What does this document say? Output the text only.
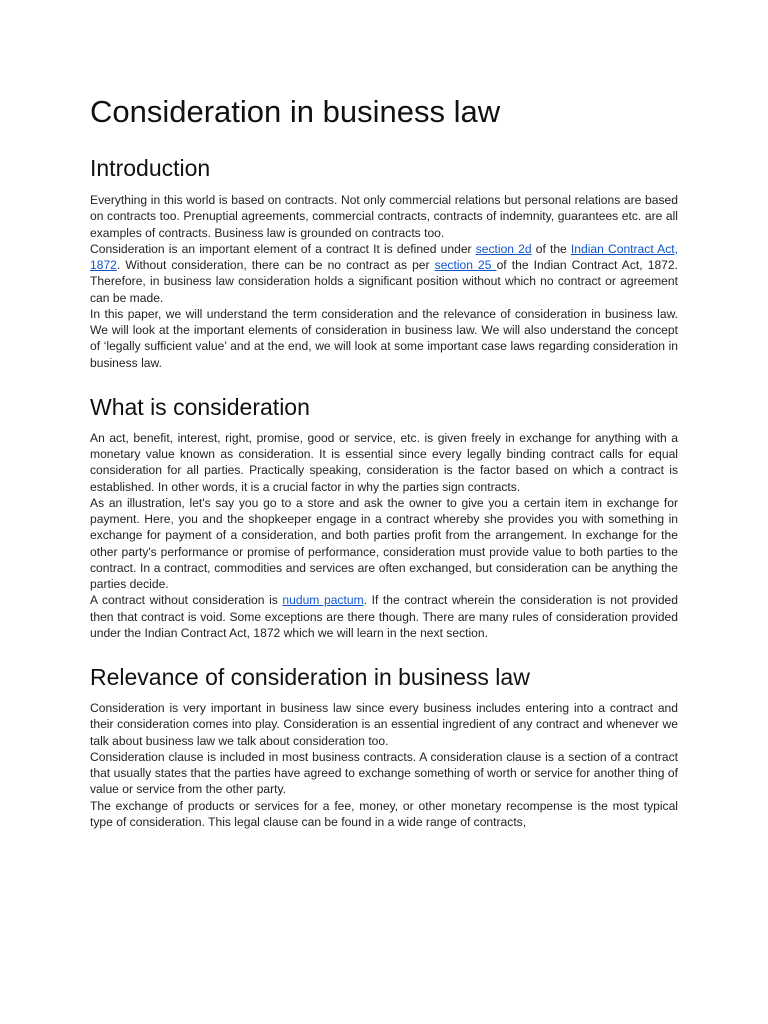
Consideration in business law
Introduction

Everything in this world is based on contracts. Not only commercial relations but personal relations are based on contracts too. Prenuptial agreements, commercial contracts, contracts of indemnity, guarantees etc. are all examples of contracts. Business law is grounded on contracts too.

Consideration is an important element of a contract It is defined under section 2d of the Indian Contract Act, 1872. Without consideration, there can be no contract as per section 25 of the Indian Contract Act, 1872. Therefore, in business law consideration holds a significant position without which no contract or agreement can be made.

In this paper, we will understand the term consideration and the relevance of consideration in business law. We will look at the important elements of consideration in business law. We will also understand the concept of ‘legally sufficient value’ and at the end, we will look at some important case laws regarding consideration in business law.

What is consideration

An act, benefit, interest, right, promise, good or service, etc. is given freely in exchange for anything with a monetary value known as consideration. It is essential since every legally binding contract calls for equal consideration for all parties. Practically speaking, consideration is the factor based on which a contract is established. In other words, it is a crucial factor in why the parties sign contracts.

As an illustration, let's say you go to a store and ask the owner to give you a certain item in exchange for payment. Here, you and the shopkeeper engage in a contract whereby she provides you with something in exchange for payment of a consideration, and both parties profit from the arrangement. In exchange for the other party's performance or promise of performance, consideration must provide value to both parties to the contract. In a contract, commodities and services are often exchanged, but consideration can be anything the parties decide.

A contract without consideration is nudum pactum. If the contract wherein the consideration is not provided then that contract is void. Some exceptions are there though. There are many rules of consideration provided under the Indian Contract Act, 1872 which we will learn in the next section.

Relevance of consideration in business law

Consideration is very important in business law since every business includes entering into a contract and their consideration comes into play. Consideration is an essential ingredient of any contract and whenever we talk about business law we talk about consideration too.

Consideration clause is included in most business contracts. A consideration clause is a section of a contract that usually states that the parties have agreed to exchange something of worth or service for another thing of value or service from the other party.

The exchange of products or services for a fee, money, or other monetary recompense is the most typical type of consideration. This legal clause can be found in a wide range of contracts,
